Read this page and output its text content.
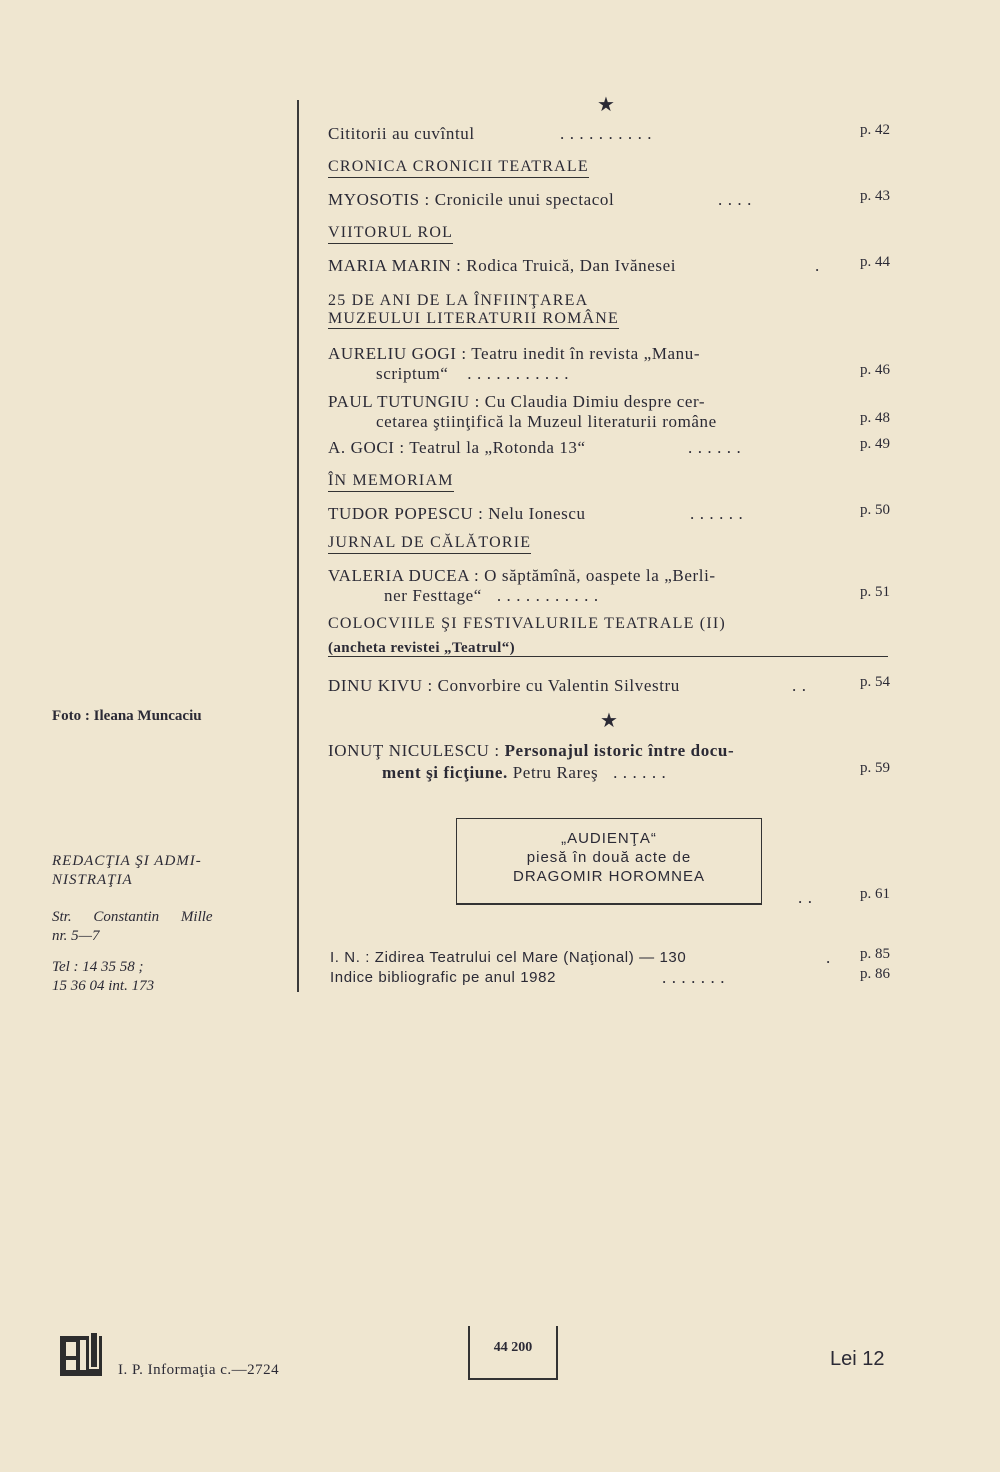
Foto : Ileana Muncaciu
REDACŢIA ŞI ADMI-
NISTRAŢIA
Str. Constantin Mille
nr. 5—7
Tel : 14 35 58 ;
15 36 04 int. 173
★
Cititorii au cuvîntul	. . . . . . . . . .	p. 42
CRONICA CRONICII TEATRALE
MYOSOTIS : Cronicile unui spectacol	. . . .	p. 43
VIITORUL ROL
MARIA MARIN : Rodica Truică, Dan Ivănesei	.	p. 44
25 DE ANI DE LA ÎNFIINŢAREA
MUZEULUI LITERATURII ROMÂNE
AURELIU GOGI : Teatru inedit în revista „Manu-
scriptum“ . . . . . . . . . . .	p. 46
PAUL TUTUNGIU : Cu Claudia Dimiu despre cer-
cetarea ştiinţifică la Muzeul literaturii române	p. 48
A. GOCI : Teatrul la „Rotonda 13“	. . . . . .	p. 49
ÎN MEMORIAM
TUDOR POPESCU : Nelu Ionescu	. . . . . .	p. 50
JURNAL DE CĂLĂTORIE
VALERIA DUCEA : O săptămînă, oaspete la „Berli-
ner Festtage“ . . . . . . . . . . .	p. 51
COLOCVIILE ŞI FESTIVALURILE TEATRALE (II)
(ancheta revistei „Teatrul“)
DINU KIVU : Convorbire cu Valentin Silvestru	. .	p. 54
★
IONUŢ NICULESCU : Personajul istoric între docu-
ment şi ficţiune. Petru Rareş . . . . . .	p. 59
„AUDIENŢA“
piesă în două acte de
DRAGOMIR HOROMNEA
. .	p. 61
I. N. : Zidirea Teatrului cel Mare (Naţional) — 130	.	p. 85
Indice bibliografic pe anul 1982	. . . . . . .	p. 86
I. P. Informaţia c.—2724
44 200
Lei 12
